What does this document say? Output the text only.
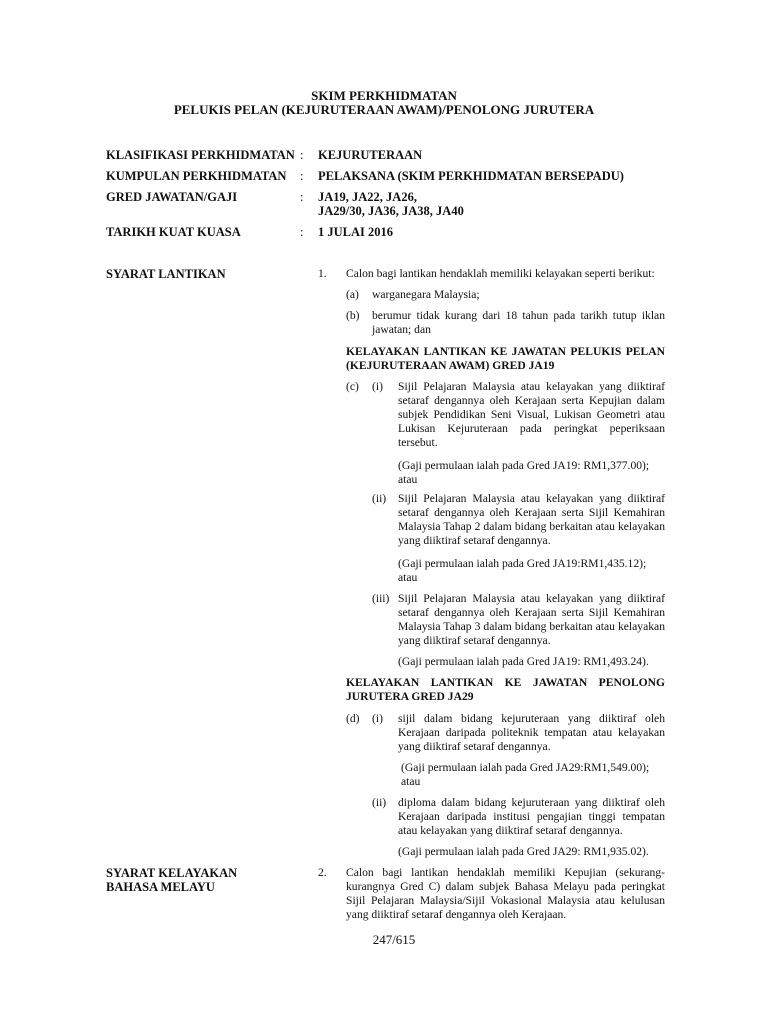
SKIM PERKHIDMATAN
PELUKIS PELAN (KEJURUTERAAN AWAM)/PENOLONG JURUTERA
KLASIFIKASI PERKHIDMATAN : KEJURUTERAAN
KUMPULAN PERKHIDMATAN : PELAKSANA (SKIM PERKHIDMATAN BERSEPADU)
GRED JAWATAN/GAJI	: JA19, JA22, JA26,
JA29/30, JA36, JA38, JA40
TARIKH KUAT KUASA	: 1 JULAI 2016
SYARAT LANTIKAN	1. Calon bagi lantikan hendaklah memiliki kelayakan seperti berikut:
(a) warganegara Malaysia;
(b) berumur tidak kurang dari 18 tahun pada tarikh tutup iklan jawatan; dan
KELAYAKAN LANTIKAN KE JAWATAN PELUKIS PELAN (KEJURUTERAAN AWAM) GRED JA19
(c) (i) Sijil Pelajaran Malaysia atau kelayakan yang diiktiraf setaraf dengannya oleh Kerajaan serta Kepujian dalam subjek Pendidikan Seni Visual, Lukisan Geometri atau Lukisan Kejuruteraan pada peringkat peperiksaan tersebut.
(Gaji permulaan ialah pada Gred JA19: RM1,377.00);
atau
(ii) Sijil Pelajaran Malaysia atau kelayakan yang diiktiraf setaraf dengannya oleh Kerajaan serta Sijil Kemahiran Malaysia Tahap 2 dalam bidang berkaitan atau kelayakan yang diiktiraf setaraf dengannya.
(Gaji permulaan ialah pada Gred JA19:RM1,435.12);
atau
(iii) Sijil Pelajaran Malaysia atau kelayakan yang diiktiraf setaraf dengannya oleh Kerajaan serta Sijil Kemahiran Malaysia Tahap 3 dalam bidang berkaitan atau kelayakan yang diiktiraf setaraf dengannya.
(Gaji permulaan ialah pada Gred JA19: RM1,493.24).
KELAYAKAN LANTIKAN KE JAWATAN PENOLONG JURUTERA GRED JA29
(d) (i) sijil dalam bidang kejuruteraan yang diiktiraf oleh Kerajaan daripada politeknik tempatan atau kelayakan yang diiktiraf setaraf dengannya.
(Gaji permulaan ialah pada Gred JA29:RM1,549.00);
atau
(ii) diploma dalam bidang kejuruteraan yang diiktiraf oleh Kerajaan daripada institusi pengajian tinggi tempatan atau kelayakan yang diiktiraf setaraf dengannya.
(Gaji permulaan ialah pada Gred JA29: RM1,935.02).
SYARAT KELAYAKAN
BAHASA MELAYU
2. Calon bagi lantikan hendaklah memiliki Kepujian (sekurang-kurangnya Gred C) dalam subjek Bahasa Melayu pada peringkat Sijil Pelajaran Malaysia/Sijil Vokasional Malaysia atau kelulusan yang diiktiraf setaraf dengannya oleh Kerajaan.
247/615
